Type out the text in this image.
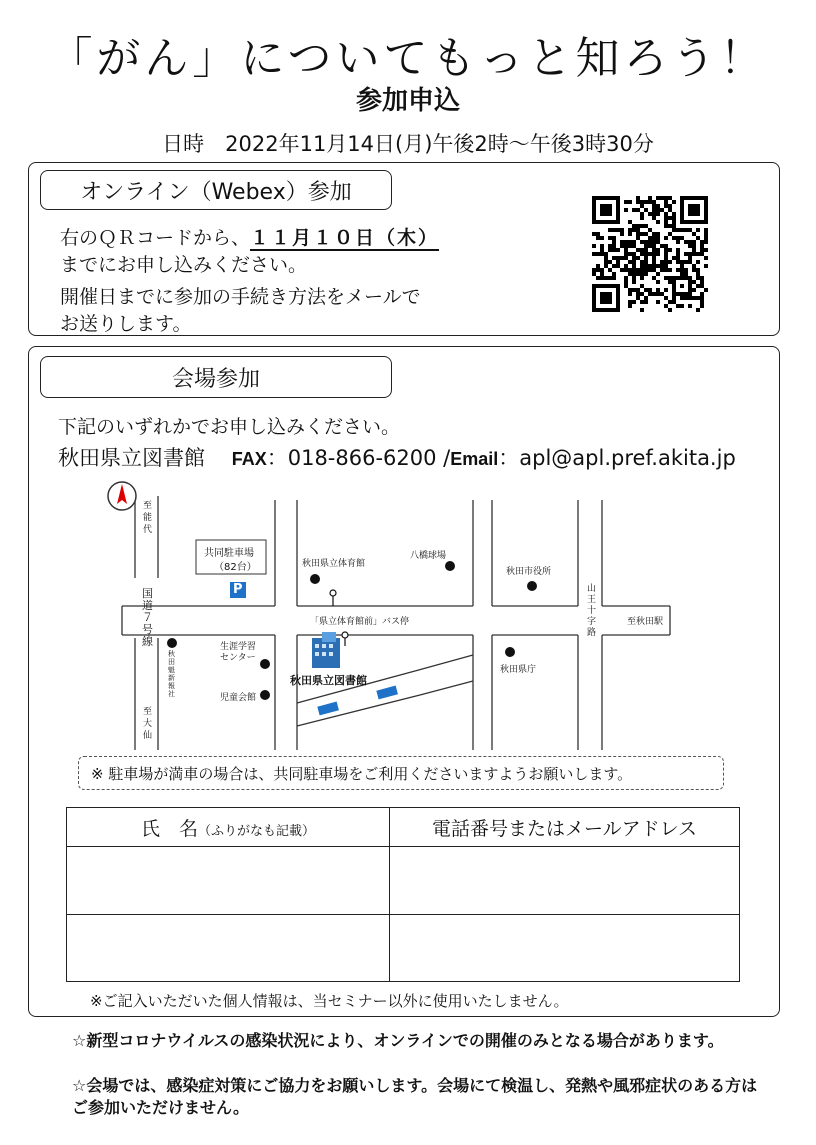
「がん」についてもっと知ろう！
参加申込
日時　2022年11月14日(月)午後2時～午後3時30分
オンライン（Webex）参加
右のＱＲコードから、１１月１０日（木）
までにお申し込みください。
開催日までに参加の手続き方法をメールで
お送りします。
会場参加
下記のいずれかでお申し込みください。
秋田県立図書館 FAX：018-866-6200 /Email：apl@apl.pref.akita.jp
至能代
国道７号線
至大仙
共同駐車場
（82台）
P
秋田県立体育館
八橋球場
秋田市役所
「県立体育館前」バス停
山王十字路
至秋田駅
生涯学習センター
秋田魁新報社
秋田県庁
児童会館
秋田県立図書館
※ 駐車場が満車の場合は、共同駐車場をご利用くださいますようお願いします。
氏　名（ふりがなも記載）	電話番号またはメールアドレス

※ご記入いただいた個人情報は、当セミナー以外に使用いたしません。
☆新型コロナウイルスの感染状況により、オンラインでの開催のみとなる場合があります。
☆会場では、感染症対策にご協力をお願いします。会場にて検温し、発熱や風邪症状のある方はご参加いただけません。
